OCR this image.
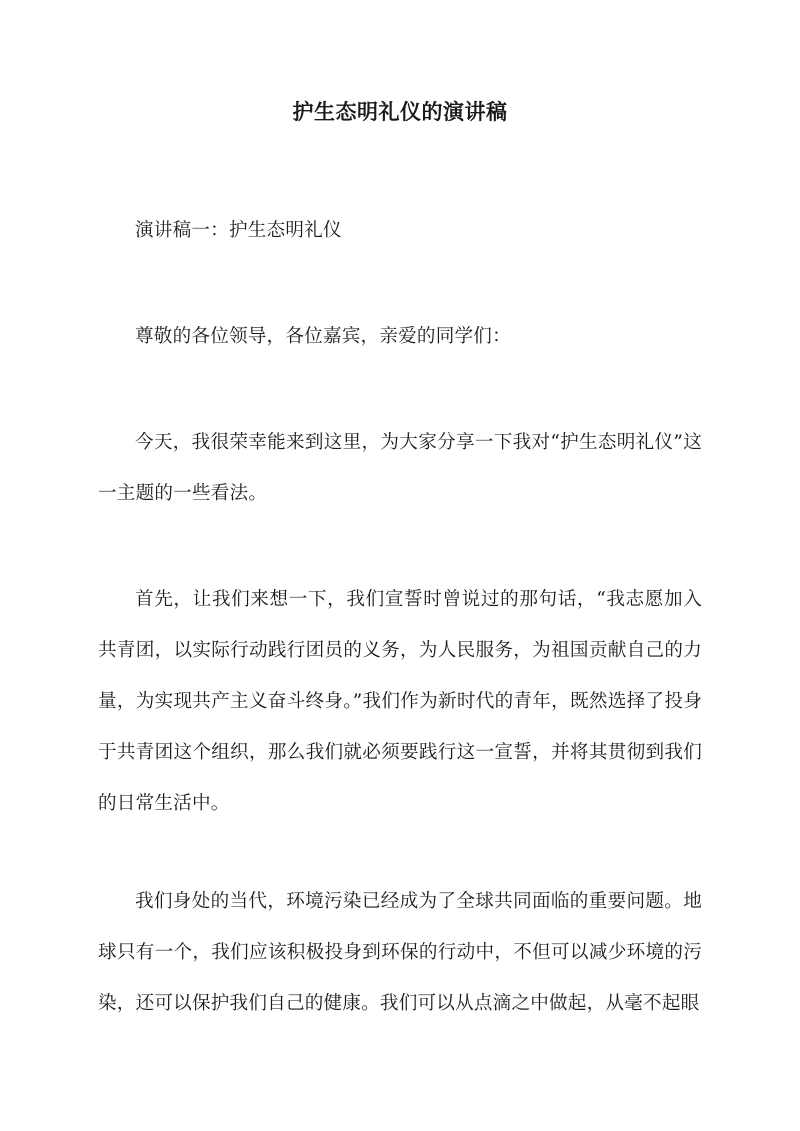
护生态明礼仪的演讲稿

演讲稿一：护生态明礼仪

尊敬的各位领导，各位嘉宾，亲爱的同学们：

今天，我很荣幸能来到这里，为大家分享一下我对“护生态明礼仪”这一主题的一些看法。

首先，让我们来想一下，我们宣誓时曾说过的那句话，“我志愿加入共青团，以实际行动践行团员的义务，为人民服务，为祖国贡献自己的力量，为实现共产主义奋斗终身。”我们作为新时代的青年，既然选择了投身于共青团这个组织，那么我们就必须要践行这一宣誓，并将其贯彻到我们的日常生活中。

我们身处的当代，环境污染已经成为了全球共同面临的重要问题。地球只有一个，我们应该积极投身到环保的行动中，不但可以减少环境的污染，还可以保护我们自己的健康。我们可以从点滴之中做起，从毫不起眼
